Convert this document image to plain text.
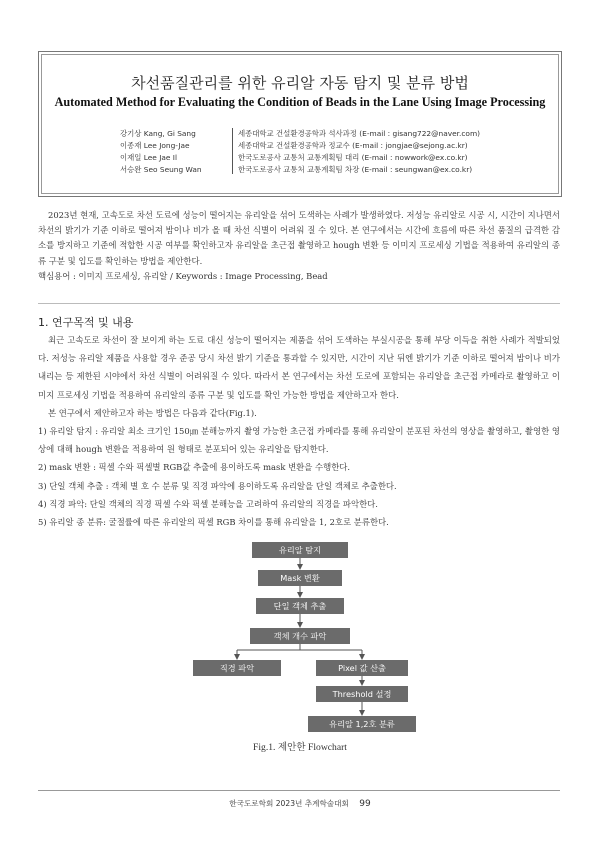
차선품질관리를 위한 유리알 자동 탐지 및 분류 방법
Automated Method for Evaluating the Condition of Beads in the Lane Using Image Processing
강기상 Kang, Gi Sang	세종대학교 건설환경공학과 석사과정 (E-mail : gisang722@naver.com)
이종재 Lee Jong-Jae	세종대학교 건설환경공학과 정교수 (E-mail : jongjae@sejong.ac.kr)
이재일 Lee Jae Il	한국도로공사 교통처 교통계획팀 대리 (E-mail : nowwork@ex.co.kr)
서승완 Seo Seung Wan	한국도로공사 교통처 교통계획팀 차장 (E-mail : seungwan@ex.co.kr)

2023년 현재, 고속도로 차선 도료에 성능이 떨어지는 유리알을 섞어 도색하는 사례가 발생하였다. 저성능 유리알로 시공 시, 시간이 지나면서 차선의 밝기가 기준 이하로 떨어져 밤이나 비가 올 때 차선 식별이 어려워 질 수 있다. 본 연구에서는 시간에 흐름에 따른 차선 품질의 급격한 감소를 방지하고 기준에 적합한 시공 여부를 확인하고자 유리알을 초근접 촬영하고 hough 변환 등 이미지 프로세싱 기법을 적용하여 유리알의 종류 구분 및 입도를 확인하는 방법을 제안한다.

핵심용어 : 이미지 프로세싱, 유리알 / Keywords : Image Processing, Bead

1. 연구목적 및 내용

최근 고속도로 차선이 잘 보이게 하는 도료 대신 성능이 떨어지는 제품을 섞어 도색하는 부실시공을 통해 부당 이득을 취한 사례가 적발되었다. 저성능 유리알 제품을 사용할 경우 준공 당시 차선 밝기 기준을 통과할 수 있지만, 시간이 지난 뒤엔 밝기가 기준 이하로 떨어져 밤이나 비가 내리는 등 제한된 시야에서 차선 식별이 어려워질 수 있다. 따라서 본 연구에서는 차선 도로에 포함되는 유리알을 초근접 카메라로 촬영하고 이미지 프로세싱 기법을 적용하여 유리알의 종류 구분 및 입도를 확인 가능한 방법을 제안하고자 한다.

본 연구에서 제안하고자 하는 방법은 다음과 같다(Fig.1).

1) 유리알 탐지 : 유리알 최소 크기인 150㎛ 분해능까지 촬영 가능한 초근접 카메라를 통해 유리알이 분포된 차선의 영상을 촬영하고, 촬영한 영상에 대해 hough 변환을 적용하여 원 형태로 분포되어 있는 유리알을 탐지한다.

2) mask 변환 : 픽셀 수와 픽셀별 RGB값 추출에 용이하도록 mask 변환을 수행한다.

3) 단일 객체 추출 : 객체 별 호 수 분류 및 직경 파악에 용이하도록 유리알을 단일 객체로 추출한다.

4) 직경 파악: 단일 객체의 직경 픽셀 수와 픽셀 분해능을 고려하여 유리알의 직경을 파악한다.

5) 유리알 종 분류: 굴절률에 따른 유리알의 픽셀 RGB 차이를 통해 유리알을 1, 2호로 분류한다.

유리알 탐지
Mask 변환
단일 객체 추출
객체 개수 파악
직경 파악	Pixel 값 산출
Threshold 설정
유리알 1,2호 분류
Fig.1. 제안한 Flowchart
한국도로학회 2023년 추계학술대회 99
